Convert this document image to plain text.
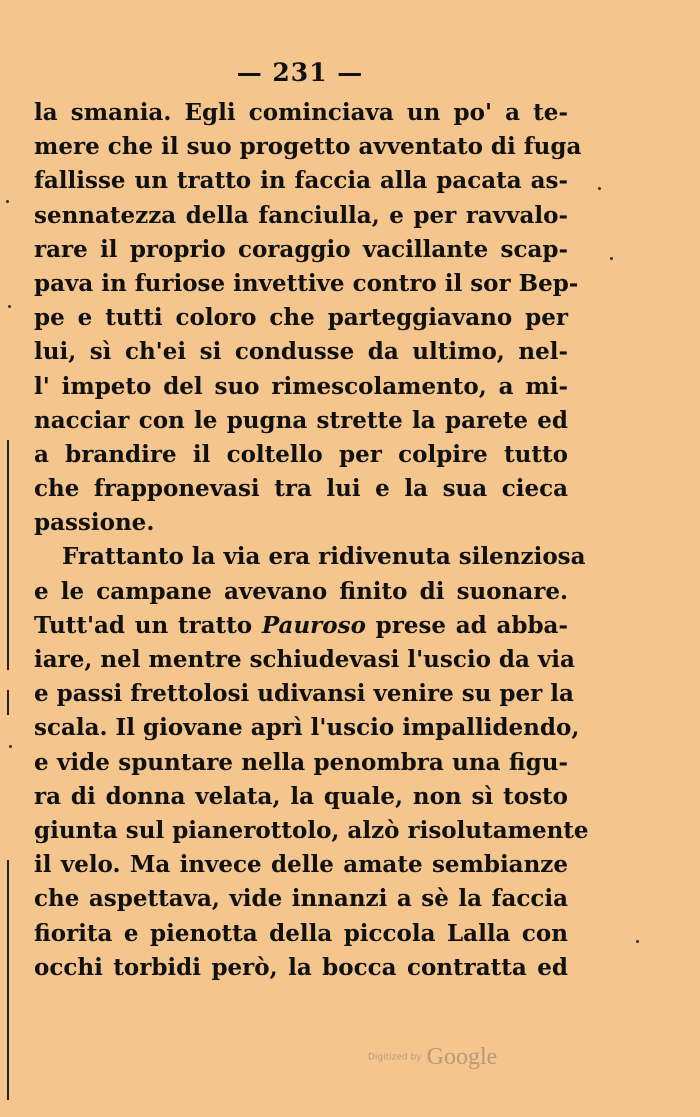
— 231 —
la smania. Egli cominciava un po' a te-
mere che il suo progetto avventato di fuga
fallisse un tratto in faccia alla pacata as-
sennatezza della fanciulla, e per ravvalo-
rare il proprio coraggio vacillante scap-
pava in furiose invettive contro il sor Bep-
pe e tutti coloro che parteggiavano per
lui, sì ch'ei si condusse da ultimo, nel-
l' impeto del suo rimescolamento, a mi-
nacciar con le pugna strette la parete ed
a brandire il coltello per colpire tutto
che frapponevasi tra lui e la sua cieca
passione.
Frattanto la via era ridivenuta silenziosa
e le campane avevano finito di suonare.
Tutt'ad un tratto Pauroso prese ad abba-
iare, nel mentre schiudevasi l'uscio da via
e passi frettolosi udivansi venire su per la
scala. Il giovane aprì l'uscio impallidendo,
e vide spuntare nella penombra una figu-
ra di donna velata, la quale, non sì tosto
giunta sul pianerottolo, alzò risolutamente
il velo. Ma invece delle amate sembianze
che aspettava, vide innanzi a sè la faccia
fiorita e pienotta della piccola Lalla con
occhi torbidi però, la bocca contratta ed
Digitized by Google
